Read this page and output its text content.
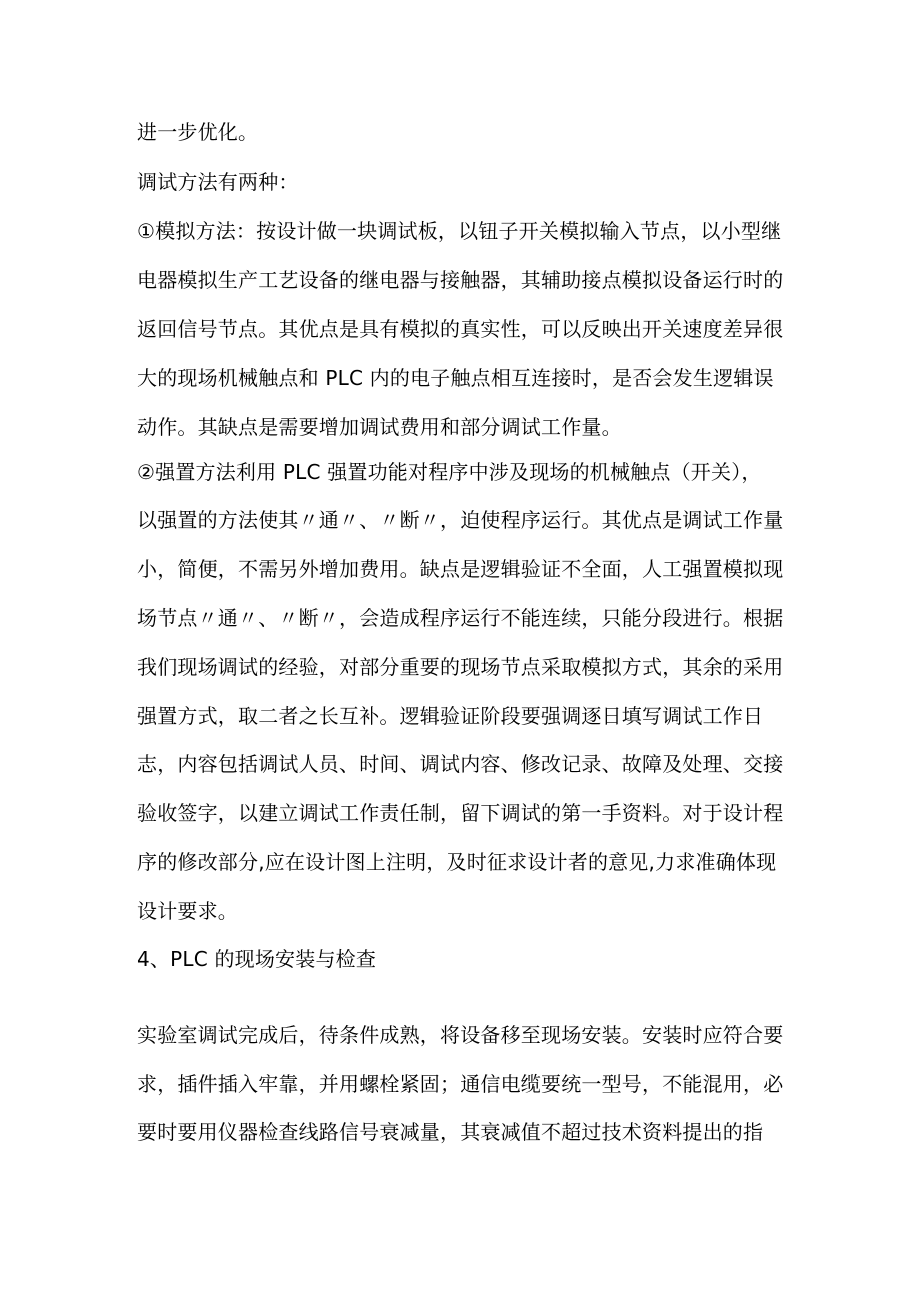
进一步优化。
调试方法有两种：
①模拟方法：按设计做一块调试板，以钮子开关模拟输入节点，以小型继
电器模拟生产工艺设备的继电器与接触器，其辅助接点模拟设备运行时的
返回信号节点。其优点是具有模拟的真实性，可以反映出开关速度差异很
大的现场机械触点和 PLC 内的电子触点相互连接时，是否会发生逻辑误
动作。其缺点是需要增加调试费用和部分调试工作量。
②强置方法利用 PLC 强置功能对程序中涉及现场的机械触点（开关），
以强置的方法使其〃通〃、〃断〃，迫使程序运行。其优点是调试工作量
小，简便，不需另外增加费用。缺点是逻辑验证不全面，人工强置模拟现
场节点〃通〃、〃断〃，会造成程序运行不能连续，只能分段进行。根据
我们现场调试的经验，对部分重要的现场节点采取模拟方式，其余的采用
强置方式，取二者之长互补。逻辑验证阶段要强调逐日填写调试工作日
志，内容包括调试人员、时间、调试内容、修改记录、故障及处理、交接
验收签字，以建立调试工作责任制，留下调试的第一手资料。对于设计程
序的修改部分,应在设计图上注明，及时征求设计者的意见,力求准确体现
设计要求。
4、PLC 的现场安装与检查
实验室调试完成后，待条件成熟，将设备移至现场安装。安装时应符合要
求，插件插入牢靠，并用螺栓紧固；通信电缆要统一型号，不能混用，必
要时要用仪器检查线路信号衰减量，其衰减值不超过技术资料提出的指
